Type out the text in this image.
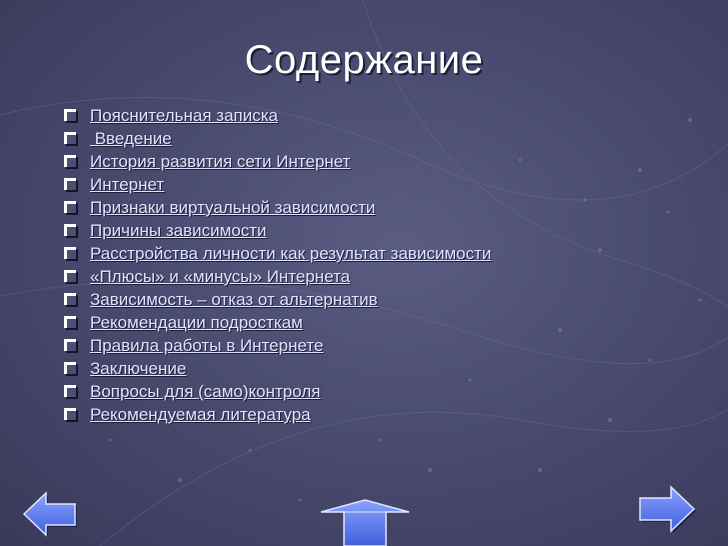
Содержание
Пояснительная записка
Введение
История развития сети Интернет
Интернет
Признаки виртуальной зависимости
Причины зависимости
Расстройства личности как результат зависимости
«Плюсы» и «минусы» Интернета
Зависимость – отказ от альтернатив
Рекомендации подросткам
Правила работы в Интернете
Заключение
Вопросы для (само)контроля
Рекомендуемая литература
